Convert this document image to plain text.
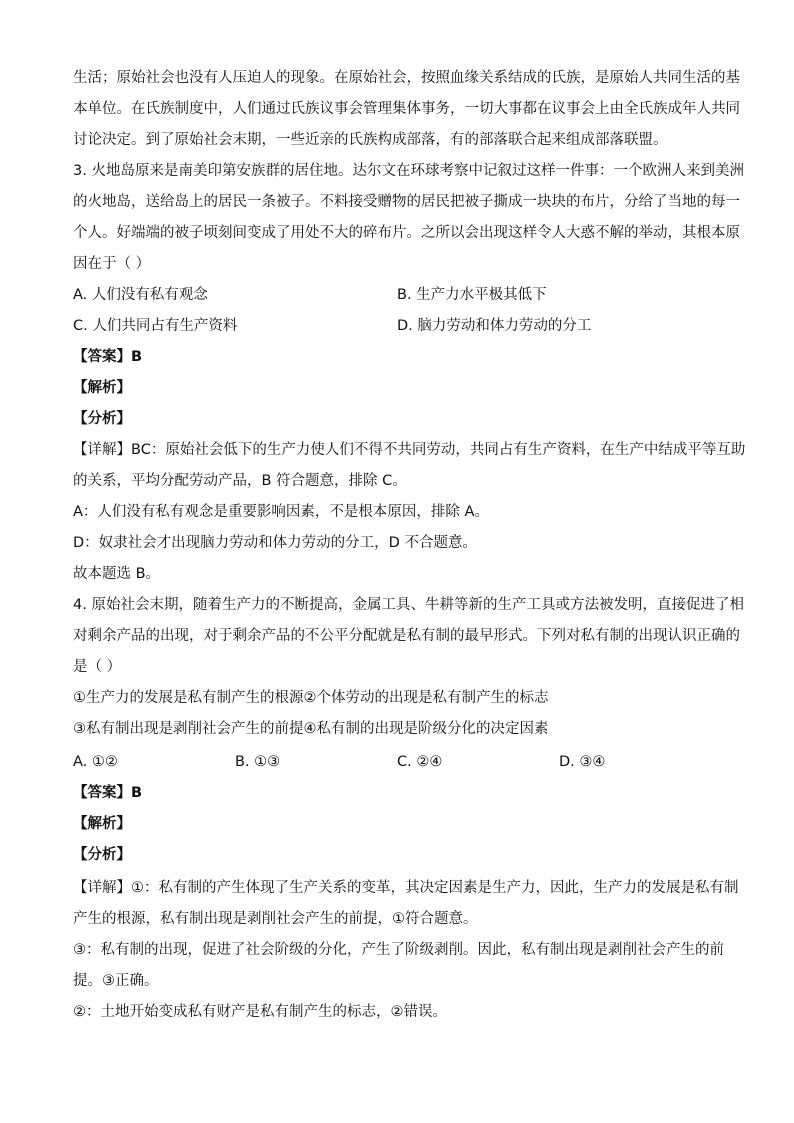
生活；原始社会也没有人压迫人的现象。在原始社会，按照血缘关系结成的氏族，是原始人共同生活的基
本单位。在氏族制度中，人们通过氏族议事会管理集体事务，一切大事都在议事会上由全氏族成年人共同
讨论决定。到了原始社会末期，一些近亲的氏族构成部落，有的部落联合起来组成部落联盟。
3. 火地岛原来是南美印第安族群的居住地。达尔文在环球考察中记叙过这样一件事：一个欧洲人来到美洲
的火地岛，送给岛上的居民一条被子。不料接受赠物的居民把被子撕成一块块的布片，分给了当地的每一
个人。好端端的被子顷刻间变成了用处不大的碎布片。之所以会出现这样令人大惑不解的举动，其根本原
因在于（ ）
A. 人们没有私有观念	B. 生产力水平极其低下
C. 人们共同占有生产资料	D. 脑力劳动和体力劳动的分工
【答案】B
【解析】
【分析】
【详解】BC：原始社会低下的生产力使人们不得不共同劳动，共同占有生产资料，在生产中结成平等互助
的关系，平均分配劳动产品，B 符合题意，排除 C。
A：人们没有私有观念是重要影响因素，不是根本原因，排除 A。
D：奴隶社会才出现脑力劳动和体力劳动的分工，D 不合题意。
故本题选 B。
4. 原始社会末期，随着生产力的不断提高，金属工具、牛耕等新的生产工具或方法被发明，直接促进了相
对剩余产品的出现，对于剩余产品的不公平分配就是私有制的最早形式。下列对私有制的出现认识正确的
是（ ）
①生产力的发展是私有制产生的根源②个体劳动的出现是私有制产生的标志
③私有制出现是剥削社会产生的前提④私有制的出现是阶级分化的决定因素
A. ①②	B. ①③	C. ②④	D. ③④
【答案】B
【解析】
【分析】
【详解】①：私有制的产生体现了生产关系的变革，其决定因素是生产力，因此，生产力的发展是私有制
产生的根源，私有制出现是剥削社会产生的前提，①符合题意。
③：私有制的出现，促进了社会阶级的分化，产生了阶级剥削。因此，私有制出现是剥削社会产生的前
提。③正确。
②：土地开始变成私有财产是私有制产生的标志，②错误。
